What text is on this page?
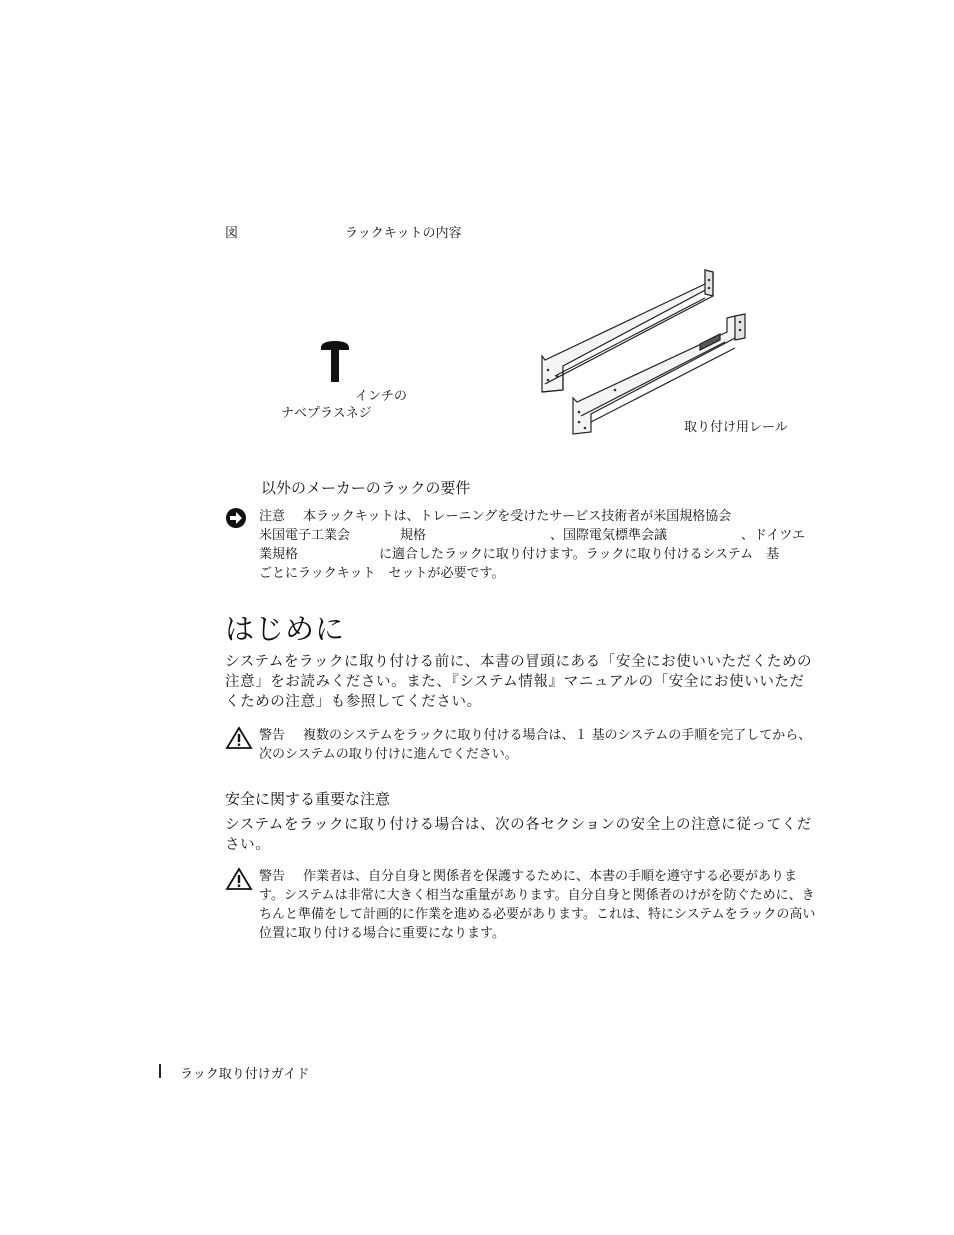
図	ラックキットの内容
インチの
ナベプラスネジ
取り付け用レール
以外のメーカーのラックの要件
注意 本ラックキットは、トレーニングを受けたサービス技術者が米国規格協会
米国電子工業会	規格	、国際電気標準会議	、ドイツエ
業規格	に適合したラックに取り付けます。ラックに取り付けるシステム　基
ごとにラックキット　セットが必要です。
はじめに
システムをラックに取り付ける前に、本書の冒頭にある「安全にお使いいただくための注意」をお読みください。また、『システム情報』マニュアルの「安全にお使いいただくための注意」も参照してください。
警告 複数のシステムをラックに取り付ける場合は、１ 基のシステムの手順を完了してから、次のシステムの取り付けに進んでください。
安全に関する重要な注意
システムをラックに取り付ける場合は、次の各セクションの安全上の注意に従ってください。
警告 作業者は、自分自身と関係者を保護するために、本書の手順を遵守する必要があります。システムは非常に大きく相当な重量があります。自分自身と関係者のけがを防ぐために、きちんと準備をして計画的に作業を進める必要があります。これは、特にシステムをラックの高い位置に取り付ける場合に重要になります。
ラック取り付けガイド
